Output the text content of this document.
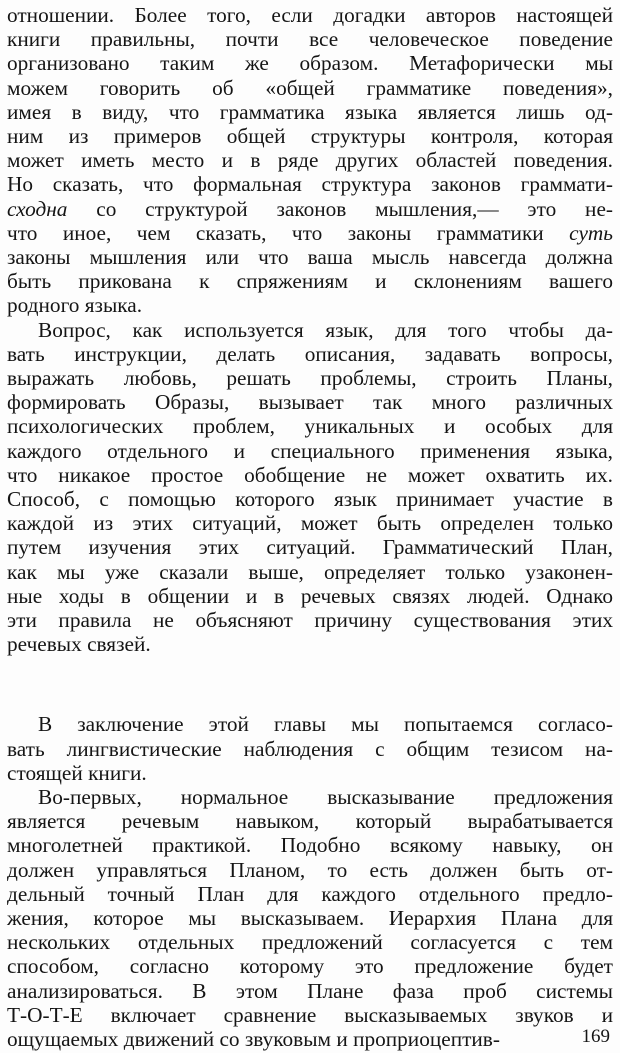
отношении. Более того, если догадки авторов настоящей
книги правильны, почти все человеческое поведение
организовано таким же образом. Метафорически мы
можем говорить об «общей грамматике поведения»,
имея в виду, что грамматика языка является лишь од-
ним из примеров общей структуры контроля, которая
может иметь место и в ряде других областей поведения.
Но сказать, что формальная структура законов граммати-
сходна со структурой законов мышления,— это не-
что иное, чем сказать, что законы грамматики суть
законы мышления или что ваша мысль навсегда должна
быть прикована к спряжениям и склонениям вашего
родного языка.
Вопрос, как используется язык, для того чтобы да-
вать инструкции, делать описания, задавать вопросы,
выражать любовь, решать проблемы, строить Планы,
формировать Образы, вызывает так много различных
психологических проблем, уникальных и особых для
каждого отдельного и специального применения языка,
что никакое простое обобщение не может охватить их.
Способ, с помощью которого язык принимает участие в
каждой из этих ситуаций, может быть определен только
путем изучения этих ситуаций. Грамматический План,
как мы уже сказали выше, определяет только узаконен-
ные ходы в общении и в речевых связях людей. Однако
эти правила не объясняют причину существования этих
речевых связей.
В заключение этой главы мы попытаемся согласо-
вать лингвистические наблюдения с общим тезисом на-
стоящей книги.
Во-первых, нормальное высказывание предложения
является речевым навыком, который вырабатывается
многолетней практикой. Подобно всякому навыку, он
должен управляться Планом, то есть должен быть от-
дельный точный План для каждого отдельного предло-
жения, которое мы высказываем. Иерархия Плана для
нескольких отдельных предложений согласуется с тем
способом, согласно которому это предложение будет
анализироваться. В этом Плане фаза проб системы
Т-О-Т-Е включает сравнение высказываемых звуков и
ощущаемых движений со звуковым и проприоцептив-	169
